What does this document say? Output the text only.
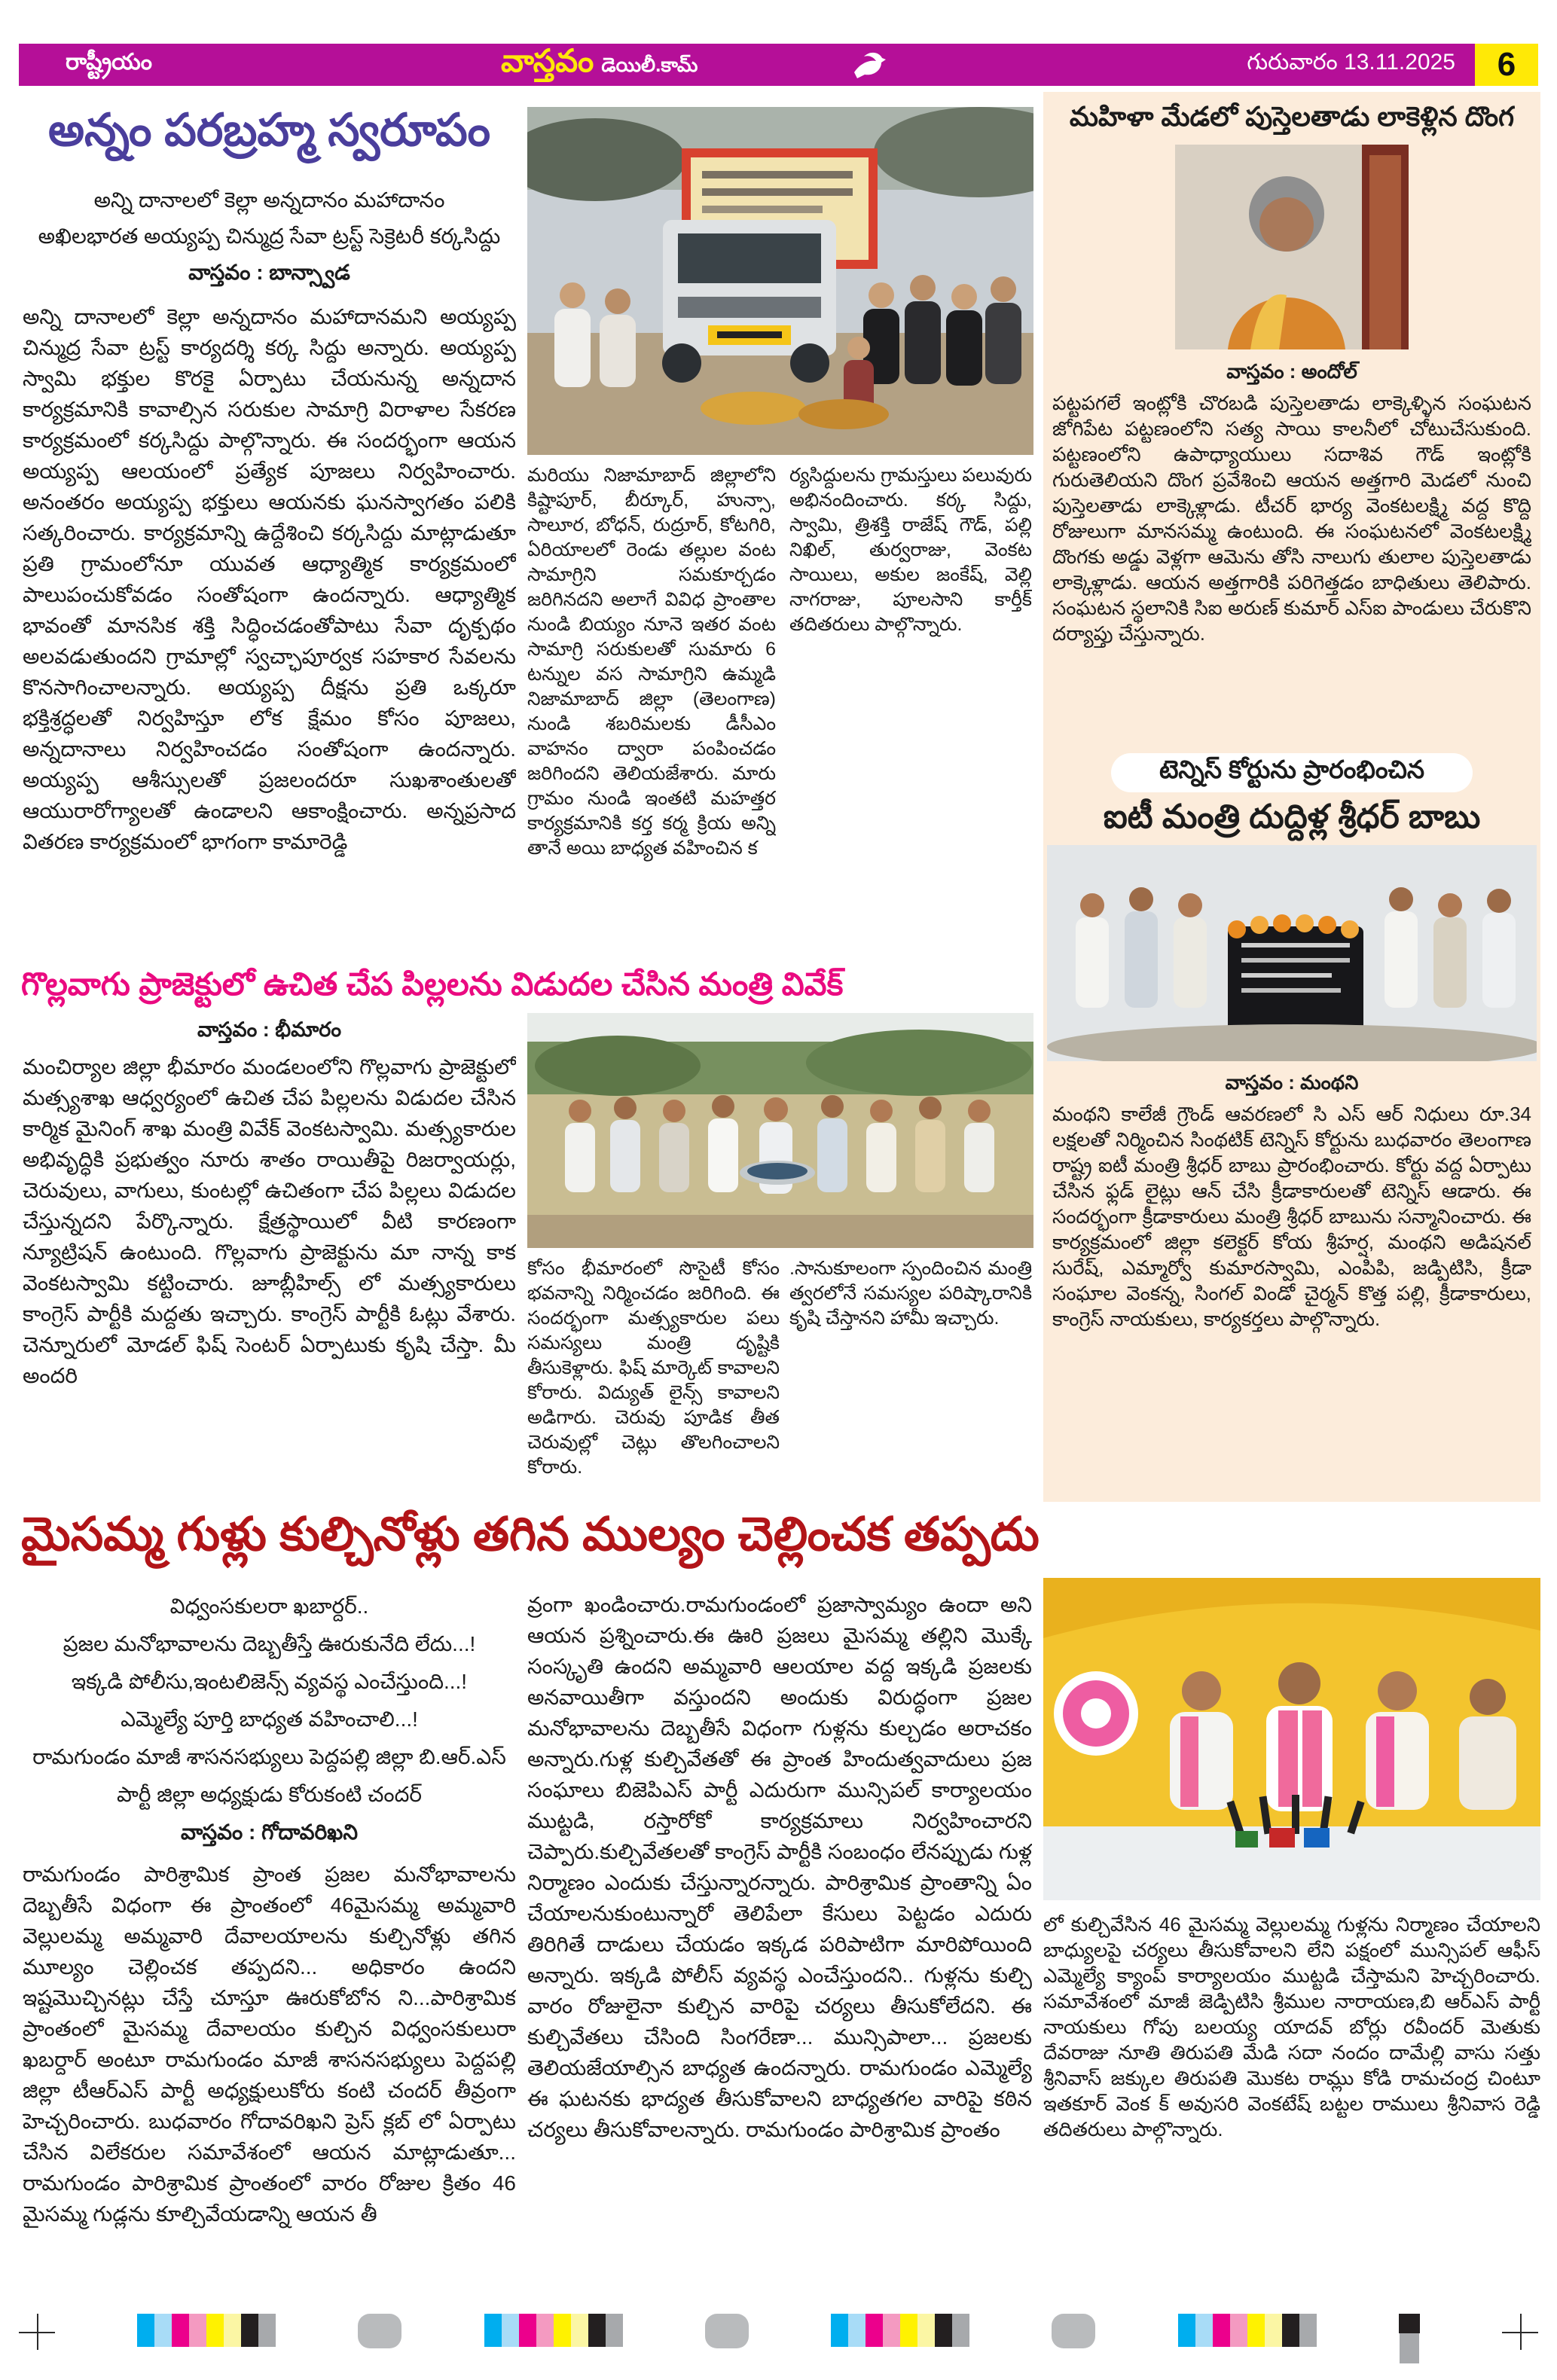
రాష్ట్రీయం	వాస్తవం డెయిలీ.కామ్	గురువారం 13.11.2025	6
అన్నం పరబ్రహ్మ స్వరూపం
అన్ని దానాలలో కెల్లా అన్నదానం మహాదానం
అఖిలభారత అయ్యప్ప చిన్ముద్ర సేవా ట్రస్ట్ సెక్రెటరీ కర్కసిద్దు
వాస్తవం : బాన్స్వాడ
అన్ని దానాలలో కెల్లా అన్నదానం మహాదానమని అయ్యప్ప చిన్ముద్ర సేవా ట్రస్ట్ కార్యదర్శి కర్క సిద్దు అన్నారు. అయ్యప్ప స్వామి భక్తుల కొరకై ఏర్పాటు చేయనున్న అన్నదాన కార్యక్రమానికి కావాల్సిన సరుకుల సామాగ్రి విరాళాల సేకరణ కార్యక్రమంలో కర్కసిద్దు పాల్గొన్నారు. ఈ సందర్భంగా ఆయన అయ్యప్ప ఆలయంలో ప్రత్యేక పూజలు నిర్వహించారు. అనంతరం అయ్యప్ప భక్తులు ఆయనకు ఘనస్వాగతం పలికి సత్కరించారు. కార్యక్రమాన్ని ఉద్దేశించి కర్కసిద్దు మాట్లాడుతూ ప్రతి గ్రామంలోనూ యువత ఆధ్యాత్మిక కార్యక్రమంలో పాలుపంచుకోవడం సంతోషంగా ఉందన్నారు. ఆధ్యాత్మిక భావంతో మానసిక శక్తి సిద్ధించడంతోపాటు సేవా దృక్పథం అలవడుతుందని గ్రామాల్లో స్వచ్ఛాపూర్వక సహకార సేవలను కొనసాగించాలన్నారు. అయ్యప్ప దీక్షను ప్రతి ఒక్కరూ భక్తిశ్రద్ధలతో నిర్వహిస్తూ లోక క్షేమం కోసం పూజలు, అన్నదానాలు నిర్వహించడం సంతోషంగా ఉందన్నారు. అయ్యప్ప ఆశీస్సులతో ప్రజలందరూ సుఖశాంతులతో ఆయురారోగ్యాలతో ఉండాలని ఆకాంక్షించారు. అన్నప్రసాద వితరణ కార్యక్రమంలో భాగంగా కామారెడ్డి
మరియు నిజామాబాద్ జిల్లాలోని కిష్టాపూర్, బీర్కూర్, హున్సా, సాలూర, బోధన్, రుద్రూర్, కోటగిరి, ఏరియాలలో రెండు తల్లుల వంట సామాగ్రిని సమకూర్చడం జరిగినదని అలాగే వివిధ ప్రాంతాల నుండి బియ్యం నూనె ఇతర వంట సామాగ్రి సరుకులతో సుమారు 6 టన్నుల వస సామాగ్రిని ఉమ్మడి నిజామాబాద్ జిల్లా (తెలంగాణ) నుండి శబరిమలకు డీసీఎం వాహనం ద్వారా పంపించడం జరిగిందని తెలియజేశారు. మారు గ్రామం నుండి ఇంతటి మహత్తర కార్యక్రమానికి కర్త కర్మ క్రియ అన్ని తానే అయి బాధ్యత వహించిన క
ర్యసిద్దులను గ్రామస్తులు పలువురు అభినందించారు. కర్క సిద్దు, స్వామి, త్రిశక్తి రాజేష్ గౌడ్, పల్లి నిఖిల్, తుర్వరాజు, వెంకట సాయిలు, అకుల జంకేష్, వెల్లి నాగరాజు, పూలసాని కార్తీక్ తదితరులు పాల్గొన్నారు.
గొల్లవాగు ప్రాజెక్టులో ఉచిత చేప పిల్లలను విడుదల చేసిన మంత్రి వివేక్
వాస్తవం : భీమారం
మంచిర్యాల జిల్లా భీమారం మండలంలోని గొల్లవాగు ప్రాజెక్టులో మత్స్యశాఖ ఆధ్వర్యంలో ఉచిత చేప పిల్లలను విడుదల చేసిన కార్మిక మైనింగ్ శాఖ మంత్రి వివేక్ వెంకటస్వామి. మత్స్యకారుల అభివృద్ధికి ప్రభుత్వం నూరు శాతం రాయితీపై రిజర్వాయర్లు, చెరువులు, వాగులు, కుంటల్లో ఉచితంగా చేప పిల్లలు విడుదల చేస్తున్నదని పేర్కొన్నారు. క్షేత్రస్థాయిలో వీటి కారణంగా న్యూట్రిషన్ ఉంటుంది. గొల్లవాగు ప్రాజెక్టును మా నాన్న కాక వెంకటస్వామి కట్టించారు. జూబ్లీహిల్స్ లో మత్స్యకారులు కాంగ్రెస్ పార్టీకి మద్దతు ఇచ్చారు. కాంగ్రెస్ పార్టీకి ఓట్లు వేశారు. చెన్నూరులో మోడల్ ఫిష్ సెంటర్ ఏర్పాటుకు కృషి చేస్తా. మీ అందరి
కోసం భీమారంలో సొసైటీ కోసం భవనాన్ని నిర్మించడం జరిగింది. ఈ సందర్భంగా మత్స్యకారుల పలు సమస్యలు మంత్రి దృష్టికి తీసుకెళ్లారు. ఫిష్ మార్కెట్ కావాలని కోరారు. విద్యుత్ లైన్స్ కావాలని అడిగారు. చెరువు పూడిక తీత చెరువుల్లో చెట్లు తొలగించాలని కోరారు.
.సానుకూలంగా స్పందించిన మంత్రి త్వరలోనే సమస్యల పరిష్కారానికి కృషి చేస్తానని హామీ ఇచ్చారు.
మహిళా మేడలో పుస్తెలతాడు లాకెళ్లిన దొంగ
వాస్తవం : అందోల్
పట్టపగలే ఇంట్లోకి చొరబడి పుస్తెలతాడు లాక్కెళ్ళిన సంఘటన జోగిపేట పట్టణంలోని సత్య సాయి కాలనీలో చోటుచేసుకుంది. పట్టణంలోని ఉపాధ్యాయులు సదాశివ గౌడ్ ఇంట్లోకి గురుతెలియని దొంగ ప్రవేశించి ఆయన అత్తగారి మెడలో నుంచి పుస్తెలతాడు లాక్కెళ్లాడు. టీచర్ భార్య వెంకటలక్ష్మి వద్ద కొద్ది రోజులుగా మానసమ్మ ఉంటుంది. ఈ సంఘటనలో వెంకటలక్ష్మి దొంగకు అడ్డు వెళ్లగా ఆమెను తోసి నాలుగు తులాల పుస్తెలతాడు లాక్కెళ్లాడు. ఆయన అత్తగారికి పరిగెత్తడం బాధితులు తెలిపారు. సంఘటన స్థలానికి సిఐ అరుణ్ కుమార్ ఎస్ఐ పాండులు చేరుకొని దర్యాప్తు చేస్తున్నారు.
టెన్నిస్ కోర్టును ప్రారంభించిన
ఐటీ మంత్రి దుద్దిళ్ల శ్రీధర్ బాబు
వాస్తవం : మంథని
మంథని కాలేజీ గ్రౌండ్ ఆవరణలో సి ఎస్ ఆర్ నిధులు రూ.34 లక్షలతో నిర్మించిన సింథటిక్ టెన్నిస్ కోర్టును బుధవారం తెలంగాణ రాష్ట్ర ఐటీ మంత్రి శ్రీధర్ బాబు ప్రారంభించారు. కోర్టు వద్ద ఏర్పాటు చేసిన ఫ్లడ్ లైట్లు ఆన్ చేసి క్రీడాకారులతో టెన్నిస్ ఆడారు. ఈ సందర్భంగా క్రీడాకారులు మంత్రి శ్రీధర్ బాబును సన్మానించారు. ఈ కార్యక్రమంలో జిల్లా కలెక్టర్ కోయ శ్రీహర్ష, మంథని అడిషనల్ సురేష్, ఎమ్మార్వో కుమారస్వామి, ఎంపిపి, జడ్పిటిసి, క్రీడా సంఘాల వెంకన్న, సింగల్ విండో చైర్మన్ కొత్త పల్లి, క్రీడాకారులు, కాంగ్రెస్ నాయకులు, కార్యకర్తలు పాల్గొన్నారు.
మైసమ్మ గుళ్లు కుల్చినోళ్లు తగిన ముల్యం చెల్లించక తప్పదు
విధ్వంసకులరా ఖబార్దర్..
ప్రజల మనోభావాలను దెబ్బతీస్తే ఊరుకునేది లేదు...!
ఇక్కడి పోలీసు,ఇంటలిజెన్స్ వ్యవస్థ ఎంచేస్తుంది...!
ఎమ్మెల్యే పూర్తి బాధ్యత వహించాలి...!
రామగుండం మాజీ శాసనసభ్యులు పెద్దపల్లి జిల్లా బి.ఆర్.ఎస్
పార్టీ జిల్లా అధ్యక్షుడు కోరుకంటి చందర్
వాస్తవం : గోదావరిఖని
రామగుండం పారిశ్రామిక ప్రాంత ప్రజల మనోభావాలను దెబ్బతీసే విధంగా ఈ ప్రాంతంలో 46మైసమ్మ అమ్మవారి వెల్లులమ్మ అమ్మవారి దేవాలయాలను కుల్చినోళ్లు తగిన మూల్యం చెల్లించక తప్పదని... అధికారం ఉందని ఇష్టమొచ్చినట్లు చేస్తే చూస్తూ ఊరుకోబోన ని...పారిశ్రామిక ప్రాంతంలో మైసమ్మ దేవాలయం కుల్చిన విధ్వంసకులురా ఖబర్దార్ అంటూ రామగుండం మాజీ శాసనసభ్యులు పెద్దపల్లి జిల్లా టీఆర్ఎస్ పార్టీ అధ్యక్షులుకోరు కంటి చందర్ తీవ్రంగా హెచ్చరించారు. బుధవారం గోదావరిఖని ప్రెస్ క్లబ్ లో ఏర్పాటు చేసిన విలేకరుల సమావేశంలో ఆయన మాట్లాడుతూ... రామగుండం పారిశ్రామిక ప్రాంతంలో వారం రోజుల క్రితం 46 మైసమ్మ గుడ్లను కూల్చివేయడాన్ని ఆయన తీ
వ్రంగా ఖండించారు.రామగుండంలో ప్రజాస్వామ్యం ఉందా అని ఆయన ప్రశ్నించారు.ఈ ఊరి ప్రజలు మైసమ్మ తల్లిని మొక్కే సంస్కృతి ఉందని అమ్మవారి ఆలయాల వద్ద ఇక్కడి ప్రజలకు అనవాయితీగా వస్తుందని అందుకు విరుద్ధంగా ప్రజల మనోభావాలను దెబ్బతీసే విధంగా గుళ్లను కుల్చడం అరాచకం అన్నారు.గుళ్ల కుల్చివేతతో ఈ ప్రాంత హిందుత్వవాదులు ప్రజ సంఘాలు బిజెపిఎస్ పార్టీ ఎదురుగా మున్సిపల్ కార్యాలయం ముట్టడి, రస్తారోకో కార్యక్రమాలు నిర్వహించారని చెప్పారు.కుల్చివేతలతో కాంగ్రెస్ పార్టీకి సంబంధం లేనప్పుడు గుళ్ల నిర్మాణం ఎందుకు చేస్తున్నారన్నారు. పారిశ్రామిక ప్రాంతాన్ని ఏం చేయాలనుకుంటున్నారో తెలిపేలా కేసులు పెట్టడం ఎదురు తిరిగితే దాడులు చేయడం ఇక్కడ పరిపాటిగా మారిపోయింది అన్నారు. ఇక్కడి పోలీస్ వ్యవస్థ ఎంచేస్తుందని.. గుళ్లను కుల్చి వారం రోజులైనా కుల్చిన వారిపై చర్యలు తీసుకోలేదని. ఈ కుల్చివేతలు చేసింది సింగరేణా... మున్సిపాలా... ప్రజలకు తెలియజేయాల్సిన బాధ్యత ఉందన్నారు. రామగుండం ఎమ్మెల్యే ఈ ఘటనకు భాద్యత తీసుకోవాలని బాధ్యతగల వారిపై కఠిన చర్యలు తీసుకోవాలన్నారు. రామగుండం పారిశ్రామిక ప్రాంతం
లో కుల్చివేసిన 46 మైసమ్మ వెల్లులమ్మ గుళ్లను నిర్మాణం చేయాలని బాధ్యులపై చర్యలు తీసుకోవాలని లేని పక్షంలో మున్సిపల్ ఆఫీస్ ఎమ్మెల్యే క్యాంప్ కార్యాలయం ముట్టడి చేస్తామని హెచ్చరించారు. సమావేశంలో మాజీ జెడ్పిటిసి శ్రీముల నారాయణ,బి ఆర్ఎస్ పార్టీ నాయకులు గోపు బలయ్య యాదవ్ బోర్లు రవీందర్ మెతుకు దేవరాజు నూతి తిరుపతి మేడి సదా నందం దామేల్లి వాసు సత్తు శ్రీనివాస్ జక్కుల తిరుపతి మొకట రామ్లు కోడి రామచంద్ర చింటూ ఇతకూర్ వెంక క్ అవుసరి వెంకటేష్ బట్టల రాములు శ్రీనివాస రెడ్డి తదితరులు పాల్గొన్నారు.
